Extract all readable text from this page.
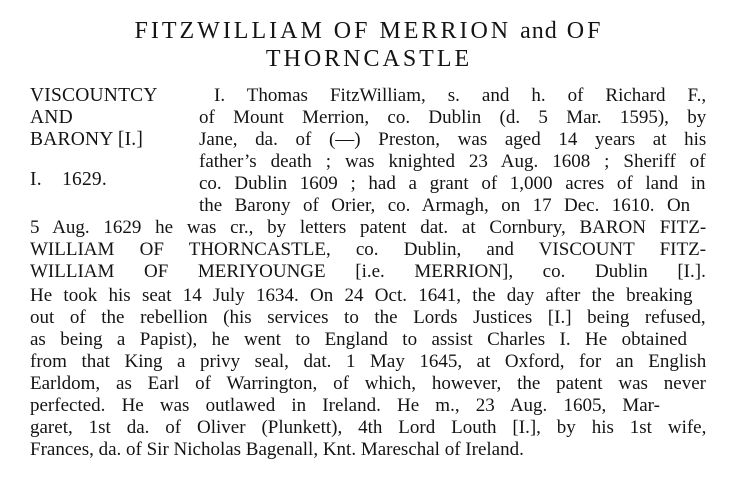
FITZWILLIAM OF MERRION and OF
THORNCASTLE
VISCOUNTCY
AND
BARONY [I.]
I.    1629.
I. Thomas FitzWilliam, s. and h. of Richard F.,
of Mount Merrion, co. Dublin (d. 5 Mar. 1595), by
Jane, da. of (—) Preston, was aged 14 years at his
father’s death ; was knighted 23 Aug. 1608 ; Sheriff of
co. Dublin 1609 ; had a grant of 1,000 acres of land in
the Barony of Orier, co. Armagh, on 17 Dec. 1610. On
5 Aug. 1629 he was cr., by letters patent dat. at Cornbury, BARON FITZ-
WILLIAM OF THORNCASTLE, co. Dublin, and VISCOUNT FITZ-
WILLIAM OF MERIYOUNGE [i.e. MERRION], co. Dublin [I.].
He took his seat 14 July 1634. On 24 Oct. 1641, the day after the breaking
out of the rebellion (his services to the Lords Justices [I.] being refused,
as being a Papist), he went to England to assist Charles I. He obtained
from that King a privy seal, dat. 1 May 1645, at Oxford, for an English
Earldom, as Earl of Warrington, of which, however, the patent was never
perfected. He was outlawed in Ireland. He m., 23 Aug. 1605, Mar-
garet, 1st da. of Oliver (Plunkett), 4th Lord Louth [I.], by his 1st wife,
Frances, da. of Sir Nicholas Bagenall, Knt. Mareschal of Ireland.
